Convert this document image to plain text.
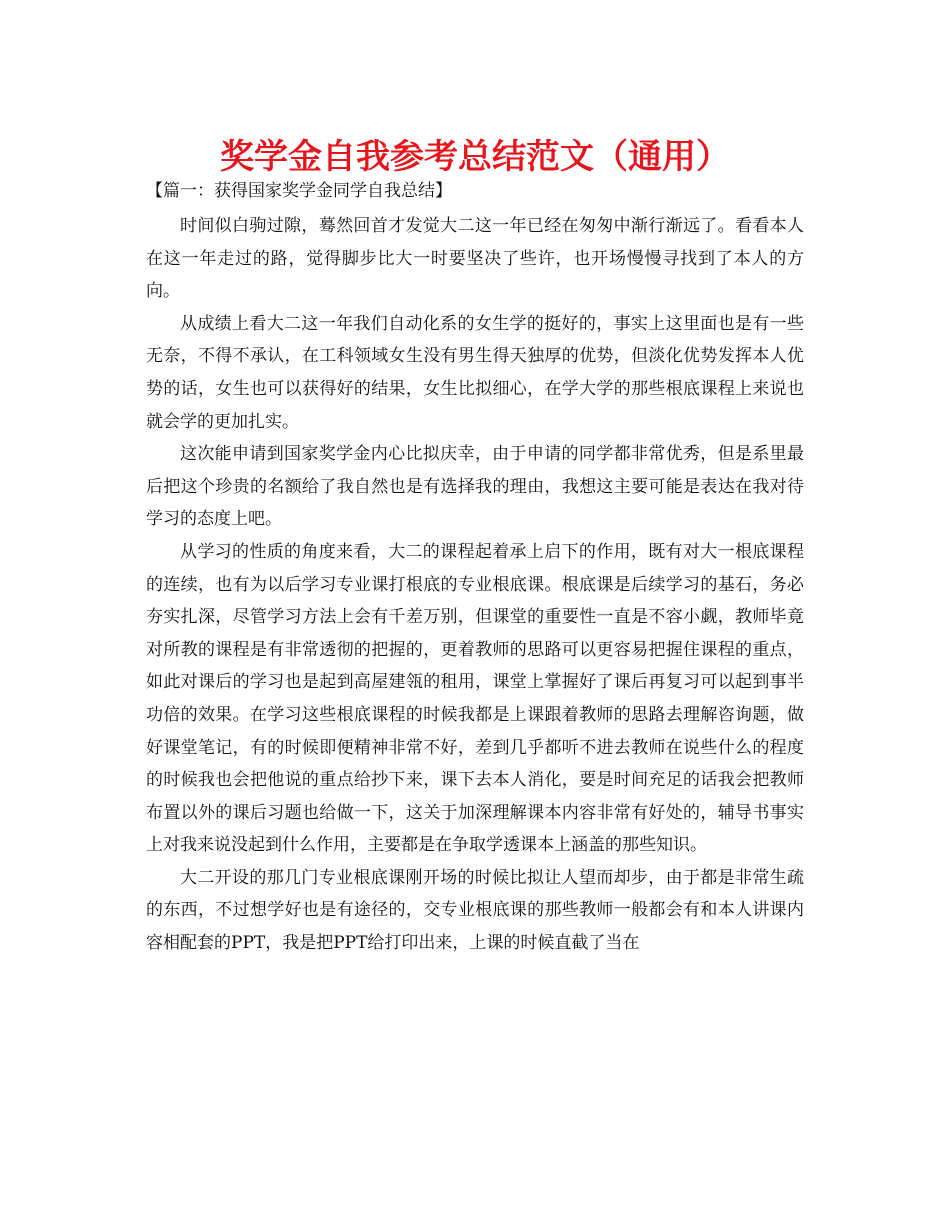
奖学金自我参考总结范文（通用）
【篇一：获得国家奖学金同学自我总结】

时间似白驹过隙，蓦然回首才发觉大二这一年已经在匆匆中渐行渐远了。看看本人在这一年走过的路，觉得脚步比大一时要坚决了些许，也开场慢慢寻找到了本人的方向。

从成绩上看大二这一年我们自动化系的女生学的挺好的，事实上这里面也是有一些无奈，不得不承认，在工科领域女生没有男生得天独厚的优势，但淡化优势发挥本人优势的话，女生也可以获得好的结果，女生比拟细心，在学大学的那些根底课程上来说也就会学的更加扎实。

这次能申请到国家奖学金内心比拟庆幸，由于申请的同学都非常优秀，但是系里最后把这个珍贵的名额给了我自然也是有选择我的理由，我想这主要可能是表达在我对待学习的态度上吧。

从学习的性质的角度来看，大二的课程起着承上启下的作用，既有对大一根底课程的连续，也有为以后学习专业课打根底的专业根底课。根底课是后续学习的基石，务必夯实扎深，尽管学习方法上会有千差万别，但课堂的重要性一直是不容小觑，教师毕竟对所教的课程是有非常透彻的把握的，更着教师的思路可以更容易把握住课程的重点，如此对课后的学习也是起到高屋建瓴的租用，课堂上掌握好了课后再复习可以起到事半功倍的效果。在学习这些根底课程的时候我都是上课跟着教师的思路去理解咨询题，做好课堂笔记，有的时候即便精神非常不好，差到几乎都听不进去教师在说些什么的程度的时候我也会把他说的重点给抄下来，课下去本人消化，要是时间充足的话我会把教师布置以外的课后习题也给做一下，这关于加深理解课本内容非常有好处的，辅导书事实上对我来说没起到什么作用，主要都是在争取学透课本上涵盖的那些知识。

大二开设的那几门专业根底课刚开场的时候比拟让人望而却步，由于都是非常生疏的东西，不过想学好也是有途径的，交专业根底课的那些教师一般都会有和本人讲课内容相配套的PPT，我是把PPT给打印出来，上课的时候直截了当在
